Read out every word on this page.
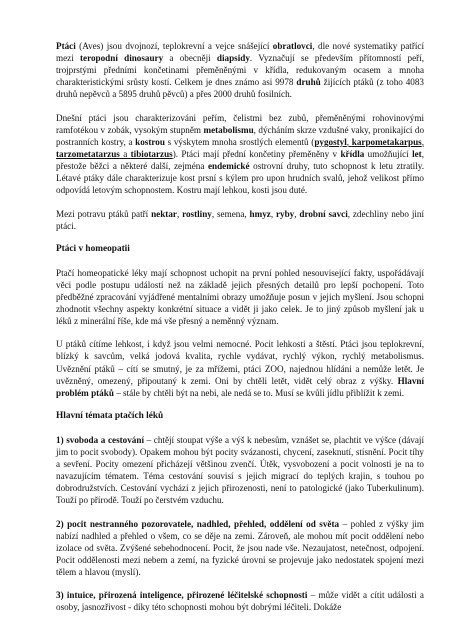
Ptáci (Aves) jsou dvojnozí, teplokrevní a vejce snášející obratlovci, dle nové systematiky patřící mezi teropodní dinosaury a obecněji diapsidy. Vyznačují se především přítomností peří, trojprstými předními končetinami přeměněnými v křídla, redukovaným ocasem a mnoha charakteristickými srůsty kostí. Celkem je dnes známo asi 9978 druhů žijících ptáků (z toho 4083 druhů nepěvců a 5895 druhů pěvců) a přes 2000 druhů fosilních.

Dnešní ptáci jsou charakterizováni peřím, čelistmi bez zubů, přeměněnými rohovinovými ramfotékou v zobák, vysokým stupněm metabolismu, dýcháním skrze vzdušné vaky, pronikající do postranních kostry, a kostrou s výskytem mnoha srostlých elementů (pygostyl, karpometakarpus, tarzometatarzus a tibiotarzus). Ptáci mají přední končetiny přeměněny v křídla umožňující let, přestože běžci a některé další, zejména endemické ostrovní druhy, tuto schopnost k letu ztratily. Létavé ptáky dále charakterizuje kost prsní s kýlem pro upon hrudních svalů, jehož velikost přímo odpovídá letovým schopnostem. Kostru mají lehkou, kosti jsou duté.

Mezi potravu ptáků patří nektar, rostliny, semena, hmyz, ryby, drobní savci, zdechliny nebo jiní ptáci.

Ptáci v homeopatii

Ptačí homeopatické léky mají schopnost uchopit na první pohled nesouvisející fakty, uspořádávají věci podle postupu událostí než na základě jejich přesných detailů pro lepší pochopení. Toto předběžné zpracování vyjádřené mentalními obrazy umožňuje posun v jejich myšlení. Jsou schopni zhodnotit všechny aspekty konkrétní situace a vidět ji jako celek. Je to jiný způsob myšlení jak u léků z minerální říše, kde má vše přesný a neměnný význam.

U ptáků cítíme lehkost, i když jsou velmi nemocné. Pocit lehkosti a štěstí. Ptáci jsou teplokrevní, blízký k savcům, velká jodová kvalita, rychle vydávat, rychlý výkon, rychlý metabolismus. Uvěznění ptáků – cítí se smutný, je za mřížemi, ptáci ZOO, najednou hlídáni a nemůže letět. Je uvězněný, omezený, připoutaný k zemi. Oni by chtěli letět, vidět celý obraz z výšky. Hlavní problém ptáků – stále by chtěli být na nebi, ale nedá se to. Musí se kvůli jídlu přiblížit k zemi.

Hlavní témata ptačích léků

1) svoboda a cestování – chtějí stoupat výše a výš k nebesům, vznášet se, plachtit ve výšce (dávají jim to pocit svobody). Opakem mohou být pocity svázanosti, chycení, zaseknutí, stísnění. Pocit tíhy a sevření. Pocity omezení přicházejí většinou zvenčí. Útěk, vysvobození a pocit volnosti je na to navazujícím tématem. Téma cestování souvisí s jejich migrací do teplých krajin, s touhou po dobrodružstvích. Cestování vychází z jejich přirozenosti, není to patologické (jako Tuberkulinum). Touží po přírodě. Touží po čerstvém vzduchu.

2) pocit nestranného pozorovatele, nadhled, přehled, oddělení od světa – pohled z výšky jim nabízí nadhled a přehled o všem, co se děje na zemi. Zároveň, ale mohou mít pocit oddělení nebo izolace od světa. Zvýšené sebehodnocení. Pocit, že jsou nade vše. Nezaujatost, netečnost, odpojení. Pocit oddělenosti mezi nebem a zemí, na fyzické úrovni se projevuje jako nedostatek spojení mezi tělem a hlavou (myslí).

3) intuice, přirozená inteligence, přirozené léčitelské schopnosti – může vidět a cítit události a osoby, jasnozřivost - díky této schopnosti mohou být dobrými léčiteli. Dokáže
